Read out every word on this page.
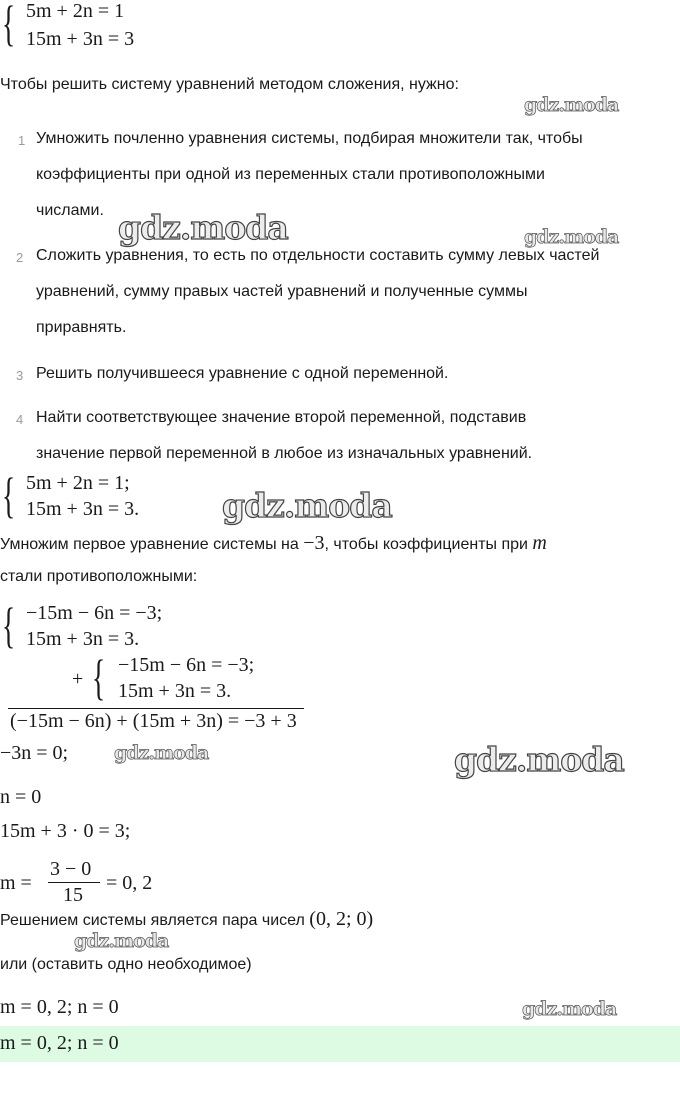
{ 5m + 2n = 1
15m + 3n = 3
Чтобы решить систему уравнений методом сложения, нужно:
gdz.moda
1 Умножить почленно уравнения системы, подбирая множители так, чтобы
коэффициенты при одной из переменных стали противоположными
числами.
2 Сложить уравнения, то есть по отдельности составить сумму левых частей
уравнений, сумму правых частей уравнений и полученные суммы
приравнять.
3 Решить получившееся уравнение с одной переменной.
4 Найти соответствующее значение второй переменной, подставив
значение первой переменной в любое из изначальных уравнений.
gdz.moda	gdz.moda
{ 5m + 2n = 1;
15m + 3n = 3.	gdz.moda
Умножим первое уравнение системы на −3, чтобы коэффициенты при m
стали противоположными:
{ −15m − 6n = −3;
15m + 3n = 3.
+ { −15m − 6n = −3;
15m + 3n = 3.
(−15m − 6n) + (15m + 3n) = −3 + 3
−3n = 0; gdz.moda	gdz.moda
n = 0
15m + 3 · 0 = 3;
m =
3 − 0
15
= 0, 2
Решением системы является пара чисел (0, 2; 0)
gdz.moda
или (оставить одно необходимое)
m = 0, 2; n = 0	gdz.moda
m = 0, 2; n = 0
